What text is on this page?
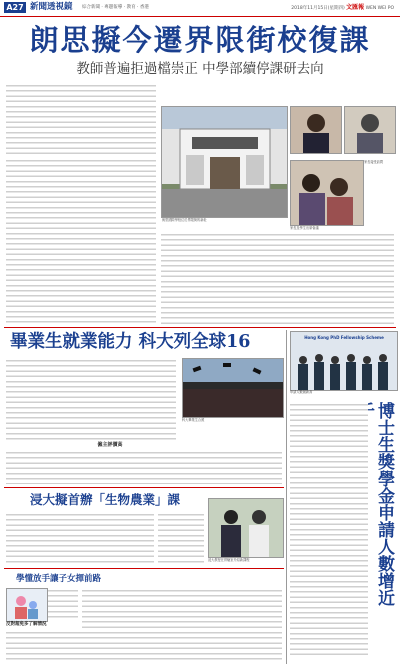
A27 新聞透視鏡 綜合新聞 · 專題報導 · 教育 · 香港	2018年11月15日(星期四) 文匯報 WEN WEI PO
朗思擬今遷界限街校復課
教師普遍拒過檔崇正 中學部續停課研去向
朗思國際學校位於界限街的新址
家長接受訪問
家長及學生出席會議
畢業生就業能力 科大列全球16
科大畢業生合照
僱主評價高
浸大擬首辦「生物農業」課
浸大教授在實驗室介紹新課程
學懂放手讓子女揮前路
反對超免多了解情況
Hong Kong PhD Fellowship Scheme
申請人數創新高
博士生獎學金申請人數增近
